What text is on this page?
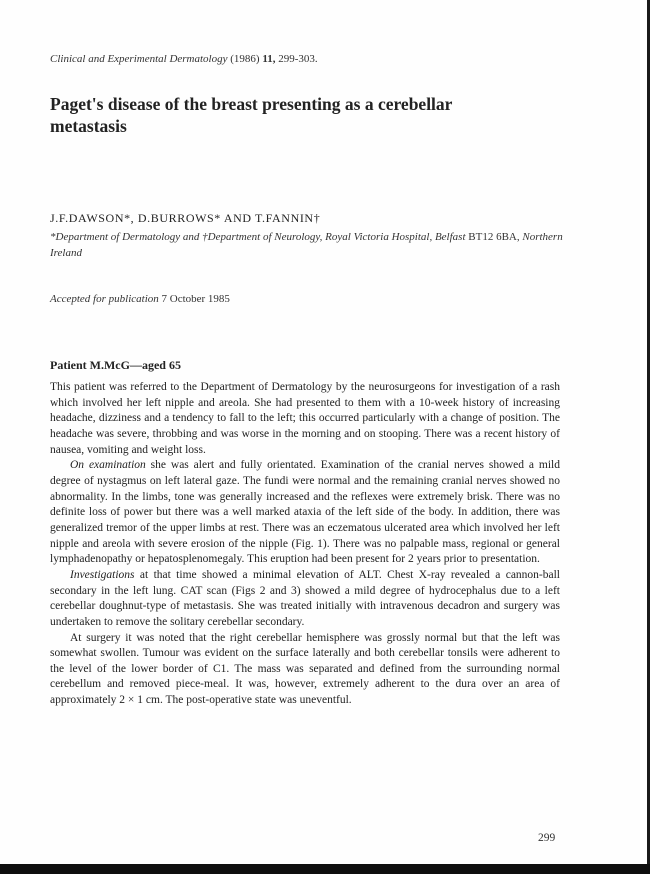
Clinical and Experimental Dermatology (1986) 11, 299-303.
Paget's disease of the breast presenting as a cerebellar metastasis
J.F.DAWSON*, D.BURROWS* AND T.FANNIN†
*Department of Dermatology and †Department of Neurology, Royal Victoria Hospital, Belfast BT12 6BA, Northern Ireland
Accepted for publication 7 October 1985
Patient M.McG—aged 65

This patient was referred to the Department of Dermatology by the neurosurgeons for investigation of a rash which involved her left nipple and areola. She had presented to them with a 10-week history of increasing headache, dizziness and a tendency to fall to the left; this occurred particularly with a change of position. The headache was severe, throbbing and was worse in the morning and on stooping. There was a recent history of nausea, vomiting and weight loss.

On examination she was alert and fully orientated. Examination of the cranial nerves showed a mild degree of nystagmus on left lateral gaze. The fundi were normal and the remaining cranial nerves showed no abnormality. In the limbs, tone was generally increased and the reflexes were extremely brisk. There was no definite loss of power but there was a well marked ataxia of the left side of the body. In addition, there was generalized tremor of the upper limbs at rest. There was an eczematous ulcerated area which involved her left nipple and areola with severe erosion of the nipple (Fig. 1). There was no palpable mass, regional or general lymphadenopathy or hepatosplenomegaly. This eruption had been present for 2 years prior to presentation.

Investigations at that time showed a minimal elevation of ALT. Chest X-ray revealed a cannon-ball secondary in the left lung. CAT scan (Figs 2 and 3) showed a mild degree of hydrocephalus due to a left cerebellar doughnut-type of metastasis. She was treated initially with intravenous decadron and surgery was undertaken to remove the solitary cerebellar secondary.

At surgery it was noted that the right cerebellar hemisphere was grossly normal but that the left was somewhat swollen. Tumour was evident on the surface laterally and both cerebellar tonsils were adherent to the level of the lower border of C1. The mass was separated and defined from the surrounding normal cerebellum and removed piece-meal. It was, however, extremely adherent to the dura over an area of approximately 2 × 1 cm. The post-operative state was uneventful.

299
